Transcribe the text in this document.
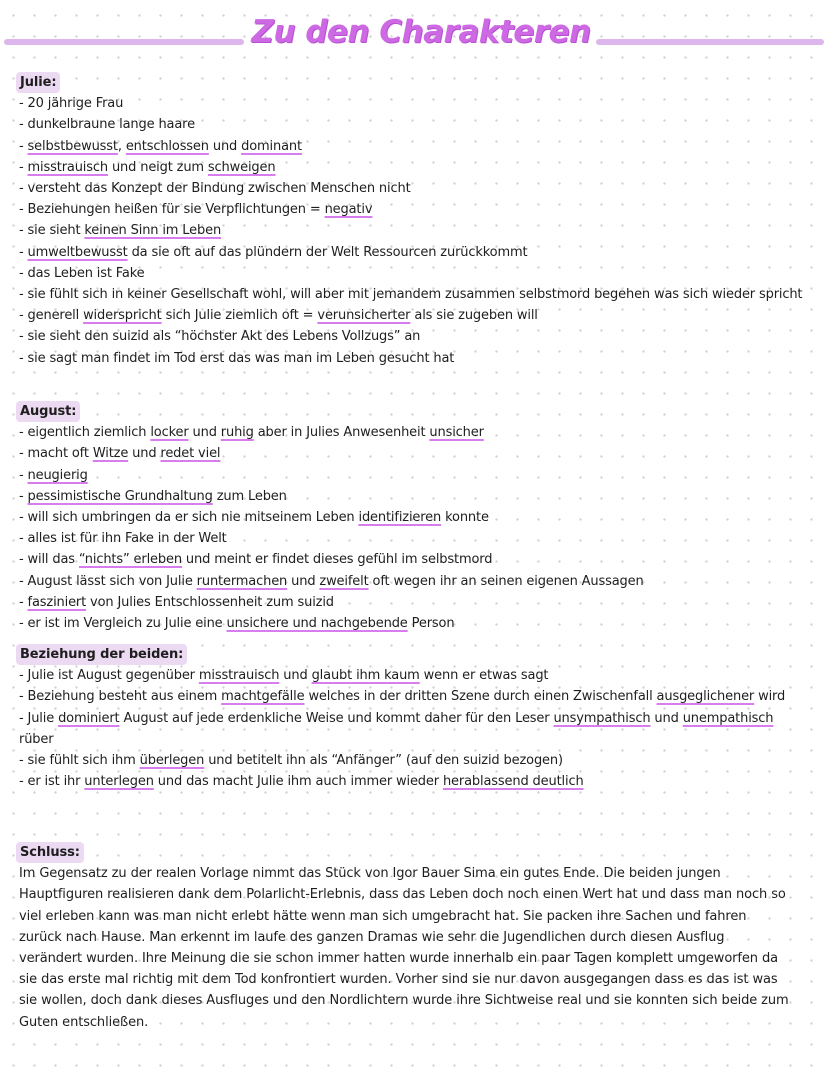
Zu den Charakteren
Julie:
- 20 jährige Frau
- dunkelbraune lange haare
- selbstbewusst, entschlossen und dominant
- misstrauisch und neigt zum schweigen
- versteht das Konzept der Bindung zwischen Menschen nicht
- Beziehungen heißen für sie Verpflichtungen = negativ
- sie sieht keinen Sinn im Leben
- umweltbewusst da sie oft auf das plündern der Welt Ressourcen zurückkommt
- das Leben ist Fake
- sie fühlt sich in keiner Gesellschaft wohl, will aber mit jemandem zusammen selbstmord begehen was sich wieder spricht
- generell widerspricht sich Julie ziemlich oft = verunsicherter als sie zugeben will
- sie sieht den suizid als “höchster Akt des Lebens Vollzugs” an
- sie sagt man findet im Tod erst das was man im Leben gesucht hat
August:
- eigentlich ziemlich locker und ruhig aber in Julies Anwesenheit unsicher
- macht oft Witze und redet viel
- neugierig
- pessimistische Grundhaltung zum Leben
- will sich umbringen da er sich nie mitseinem Leben identifizieren konnte
- alles ist für ihn Fake in der Welt
- will das “nichts” erleben und meint er findet dieses gefühl im selbstmord
- August lässt sich von Julie runtermachen und zweifelt oft wegen ihr an seinen eigenen Aussagen
- fasziniert von Julies Entschlossenheit zum suizid
- er ist im Vergleich zu Julie eine unsichere und nachgebende Person
Beziehung der beiden:
- Julie ist August gegenüber misstrauisch und glaubt ihm kaum wenn er etwas sagt
- Beziehung besteht aus einem machtgefälle welches in der dritten Szene durch einen Zwischenfall ausgeglichener wird
- Julie dominiert August auf jede erdenkliche Weise und kommt daher für den Leser unsympathisch und unempathisch rüber
- sie fühlt sich ihm überlegen und betitelt ihn als “Anfänger” (auf den suizid bezogen)
- er ist ihr unterlegen und das macht Julie ihm auch immer wieder herablassend deutlich
Schluss:
Im Gegensatz zu der realen Vorlage nimmt das Stück von Igor Bauer Sima ein gutes Ende. Die beiden jungen Hauptfiguren realisieren dank dem Polarlicht-Erlebnis, dass das Leben doch noch einen Wert hat und dass man noch so viel erleben kann was man nicht erlebt hätte wenn man sich umgebracht hat. Sie packen ihre Sachen und fahren zurück nach Hause. Man erkennt im laufe des ganzen Dramas wie sehr die Jugendlichen durch diesen Ausflug verändert wurden. Ihre Meinung die sie schon immer hatten wurde innerhalb ein paar Tagen komplett umgeworfen da sie das erste mal richtig mit dem Tod konfrontiert wurden. Vorher sind sie nur davon ausgegangen dass es das ist was sie wollen, doch dank dieses Ausfluges und den Nordlichtern wurde ihre Sichtweise real und sie konnten sich beide zum Guten entschließen.
